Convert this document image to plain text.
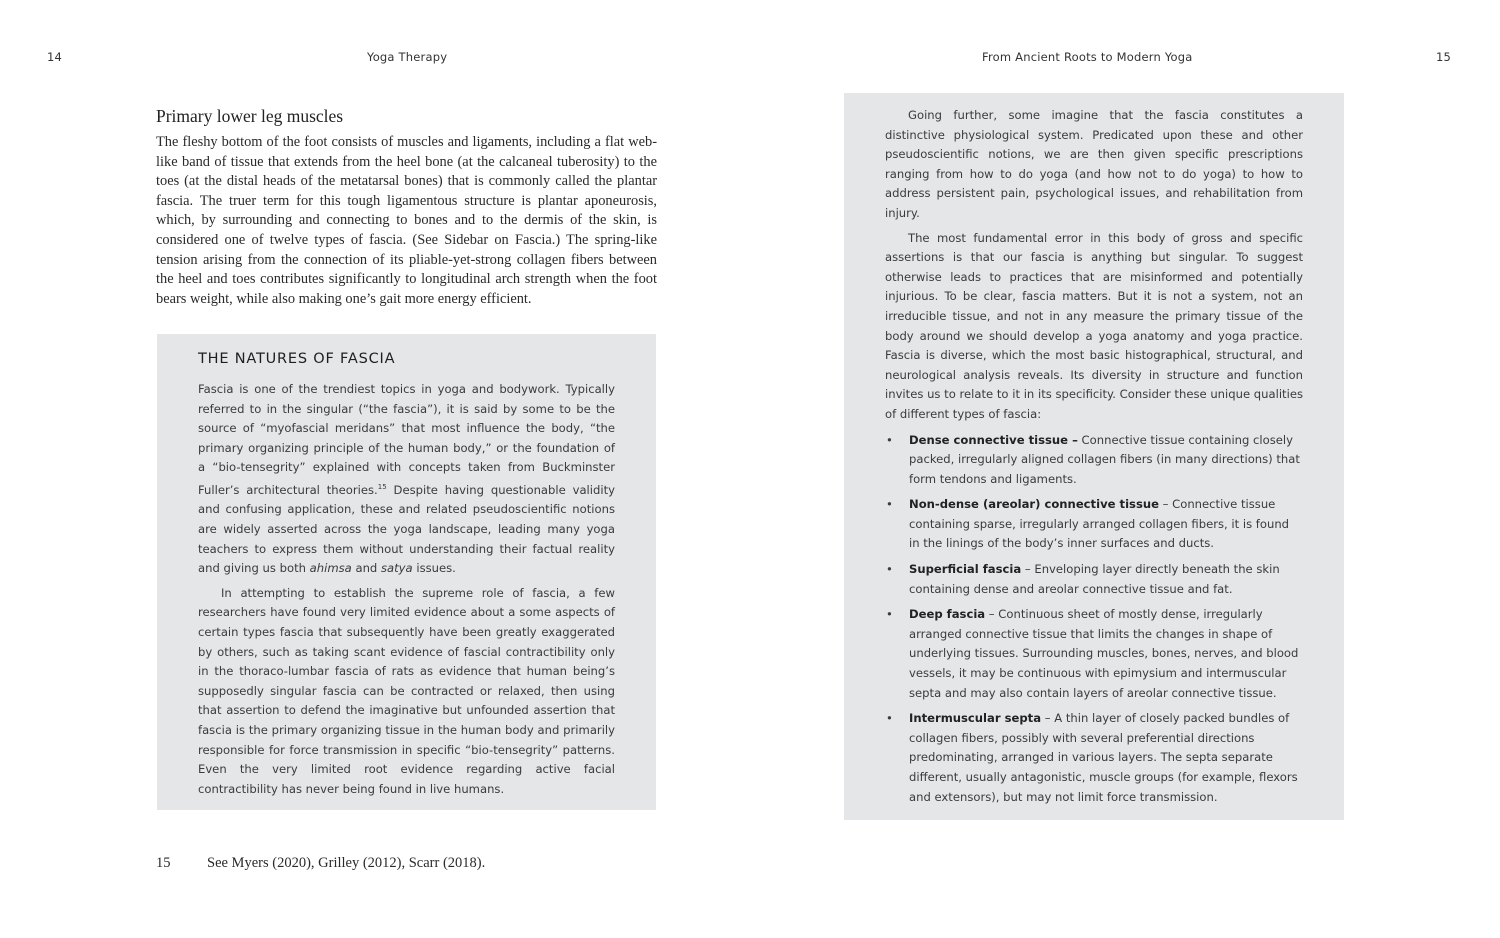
14	Yoga Therapy	From Ancient Roots to Modern Yoga	15
Primary lower leg muscles

The fleshy bottom of the foot consists of muscles and ligaments, including a flat web-like band of tissue that extends from the heel bone (at the calcaneal tuberosity) to the toes (at the distal heads of the metatarsal bones) that is commonly called the plantar fascia. The truer term for this tough ligamentous structure is plantar aponeurosis, which, by surrounding and connecting to bones and to the dermis of the skin, is considered one of twelve types of fascia. (See Sidebar on Fascia.) The spring-like tension arising from the connection of its pliable-yet-strong collagen fibers between the heel and toes contributes significantly to longitudinal arch strength when the foot bears weight, while also making one’s gait more energy efficient.

THE NATURES OF FASCIA

Fascia is one of the trendiest topics in yoga and bodywork. Typically referred to in the singular (“the fascia”), it is said by some to be the source of “myofascial meridans” that most influence the body, “the primary organizing principle of the human body,” or the foundation of a “bio-tensegrity” explained with concepts taken from Buckminster Fuller’s architectural theories.$^{15}$ Despite having questionable validity and confusing application, these and related pseudoscientific notions are widely asserted across the yoga landscape, leading many yoga teachers to express them without understanding their factual reality and giving us both ahimsa and satya issues.

In attempting to establish the supreme role of fascia, a few researchers have found very limited evidence about a some aspects of certain types fascia that subsequently have been greatly exaggerated by others, such as taking scant evidence of fascial contractibility only in the thoraco-lumbar fascia of rats as evidence that human being’s supposedly singular fascia can be contracted or relaxed, then using that assertion to defend the imaginative but unfounded assertion that fascia is the primary organizing tissue in the human body and primarily responsible for force transmission in specific “bio-tensegrity” patterns. Even the very limited root evidence regarding active facial contractibility has never being found in live humans.

15	See Myers (2020), Grilley (2012), Scarr (2018).

Going further, some imagine that the fascia constitutes a distinctive physiological system. Predicated upon these and other pseudoscientific notions, we are then given specific prescriptions ranging from how to do yoga (and how not to do yoga) to how to address persistent pain, psychological issues, and rehabilitation from injury.

The most fundamental error in this body of gross and specific assertions is that our fascia is anything but singular. To suggest otherwise leads to practices that are misinformed and potentially injurious. To be clear, fascia matters. But it is not a system, not an irreducible tissue, and not in any measure the primary tissue of the body around we should develop a yoga anatomy and yoga practice. Fascia is diverse, which the most basic histographical, structural, and neurological analysis reveals. Its diversity in structure and function invites us to relate to it in its specificity. Consider these unique qualities of different types of fascia:

• Dense connective tissue – Connective tissue containing closely packed, irregularly aligned collagen fibers (in many directions) that form tendons and ligaments.
• Non-dense (areolar) connective tissue – Connective tissue containing sparse, irregularly arranged collagen fibers, it is found in the linings of the body’s inner surfaces and ducts.
• Superficial fascia – Enveloping layer directly beneath the skin containing dense and areolar connective tissue and fat.
• Deep fascia – Continuous sheet of mostly dense, irregularly arranged connective tissue that limits the changes in shape of underlying tissues. Surrounding muscles, bones, nerves, and blood vessels, it may be continuous with epimysium and intermuscular septa and may also contain layers of areolar connective tissue.
• Intermuscular septa – A thin layer of closely packed bundles of collagen fibers, possibly with several preferential directions predominating, arranged in various layers. The septa separate different, usually antagonistic, muscle groups (for example, flexors and extensors), but may not limit force transmission.
